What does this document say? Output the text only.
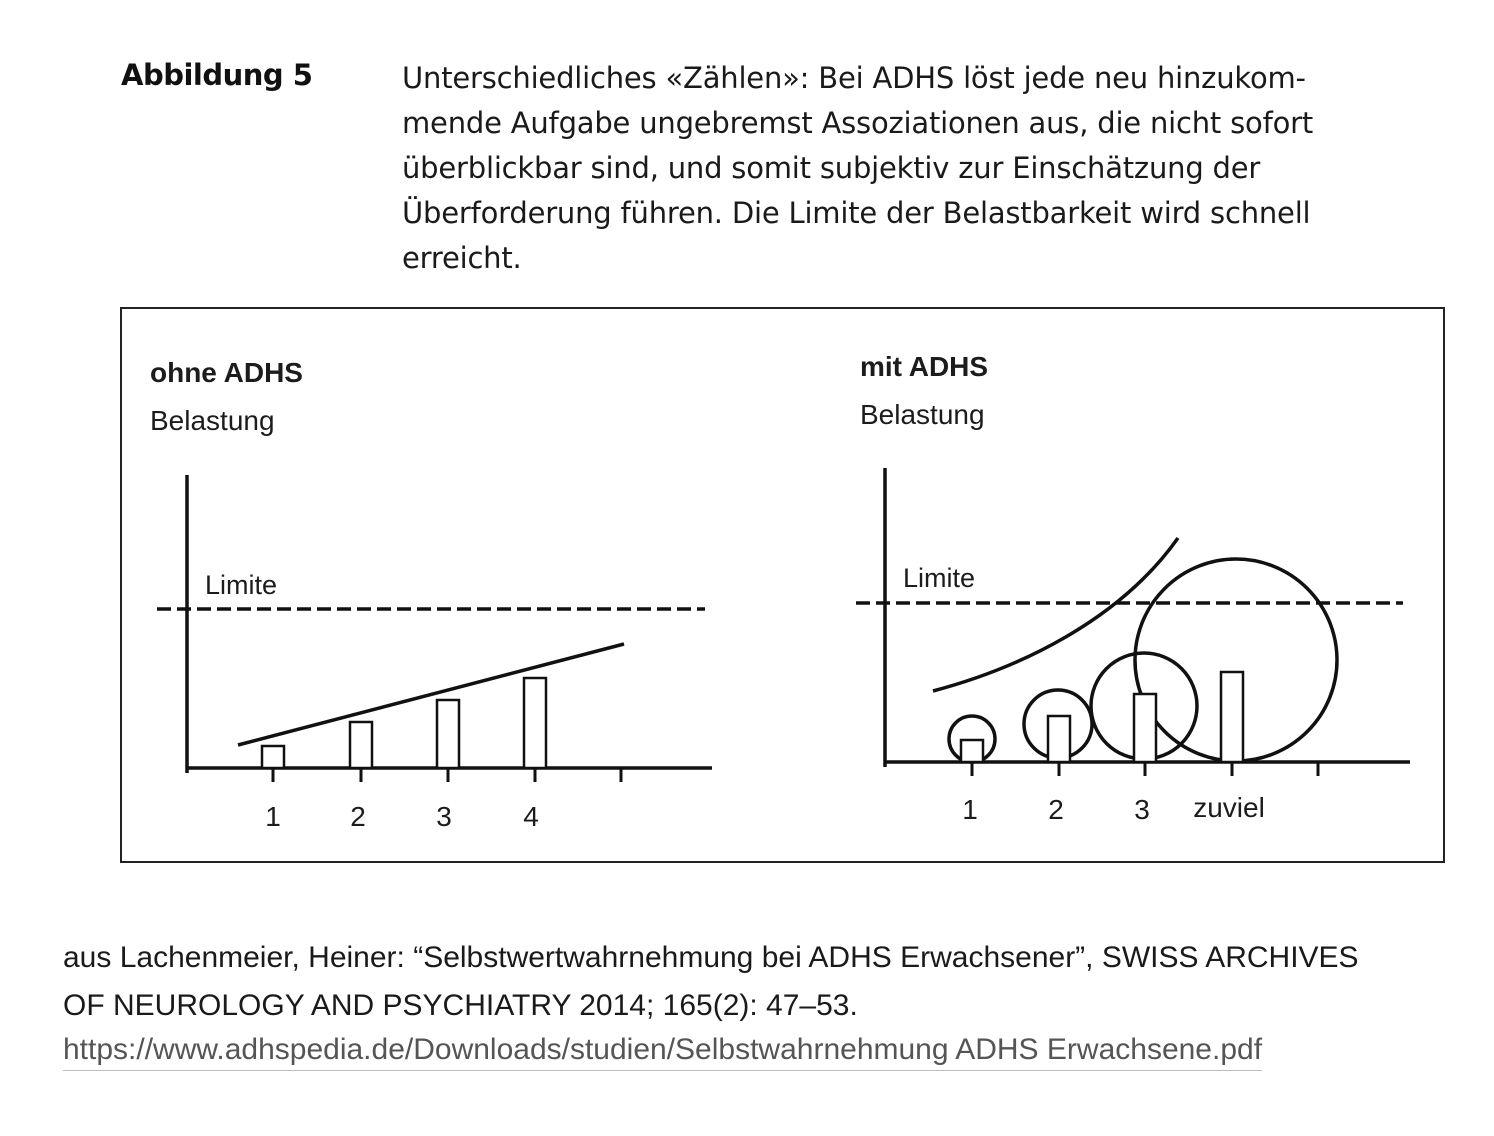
Abbildung 5	Unterschiedliches «Zählen»: Bei ADHS löst jede neu hinzukom-
mende Aufgabe ungebremst Assoziationen aus, die nicht sofort
überblickbar sind, und somit subjektiv zur Einschätzung der
Überforderung führen. Die Limite der Belastbarkeit wird schnell
erreicht.
ohne ADHS
Belastung
Limite
1 2	3	4
mit ADHS
Belastung
Limite
1	2	3 zuviel
aus Lachenmeier, Heiner: “Selbstwertwahrnehmung bei ADHS Erwachsener”, SWISS ARCHIVES
OF NEUROLOGY AND PSYCHIATRY 2014; 165(2): 47–53.
https://www.adhspedia.de/Downloads/studien/Selbstwahrnehmung ADHS Erwachsene.pdf
